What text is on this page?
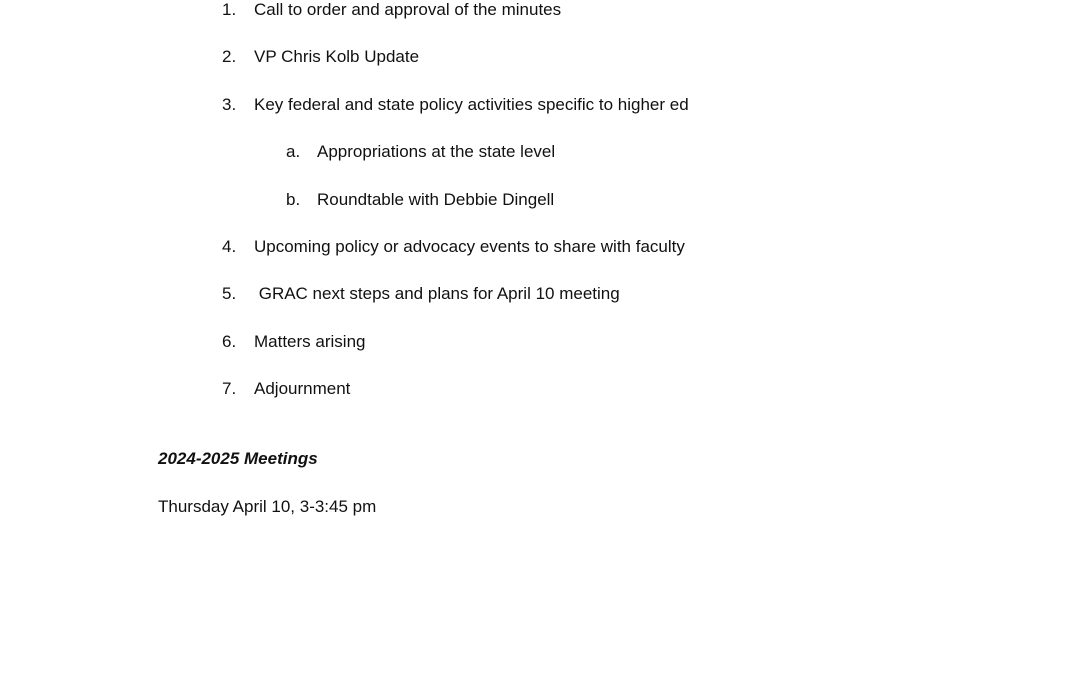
1. Call to order and approval of the minutes
2. VP Chris Kolb Update
3. Key federal and state policy activities specific to higher ed
a. Appropriations at the state level
b. Roundtable with Debbie Dingell
4. Upcoming policy or advocacy events to share with faculty
5. GRAC next steps and plans for April 10 meeting
6. Matters arising
7. Adjournment
2024-2025 Meetings
Thursday April 10, 3-3:45 pm
